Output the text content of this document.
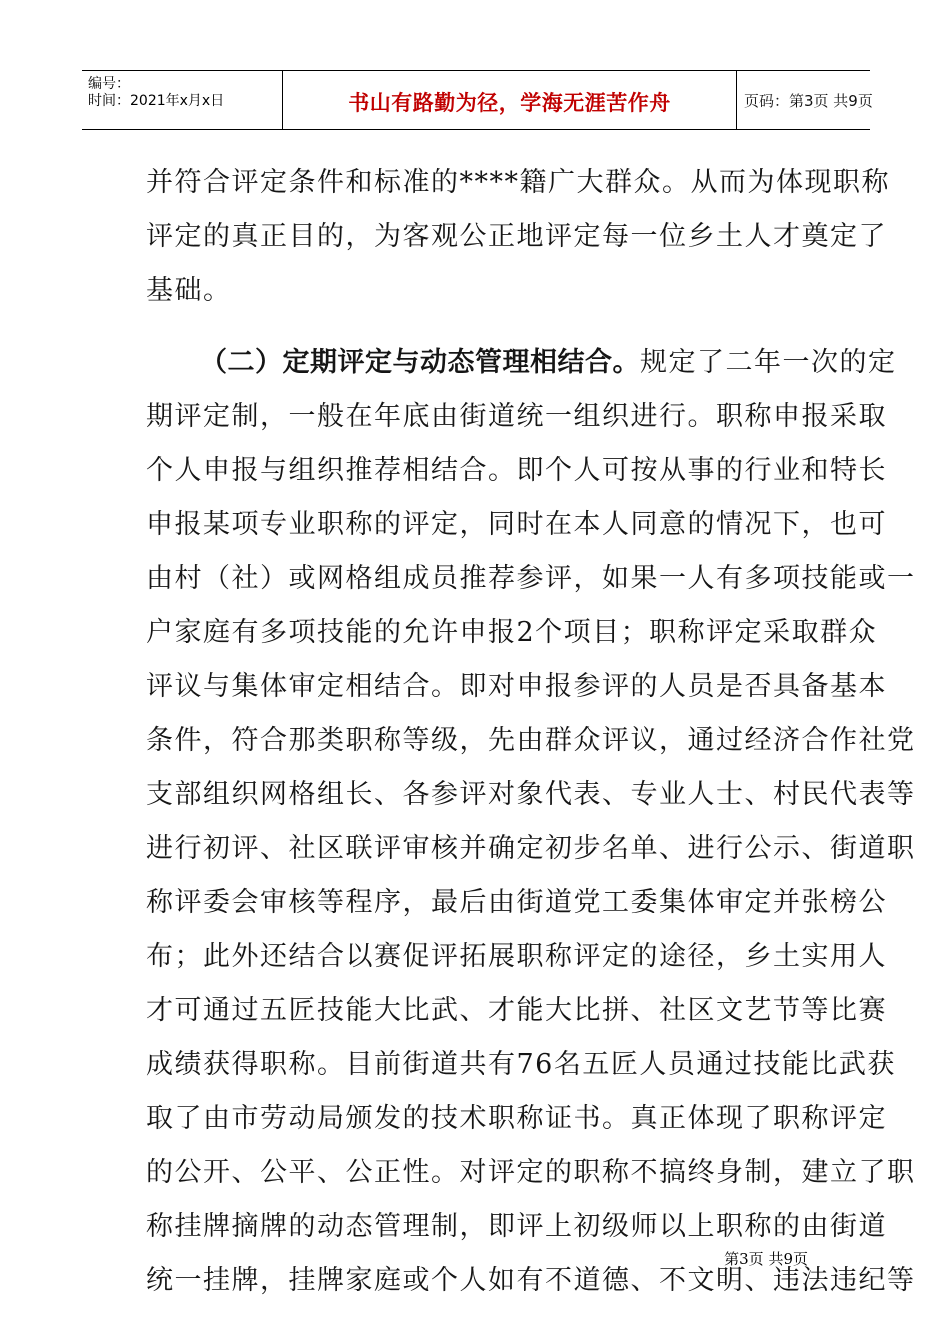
编号：
时间：2021年x月x日	书山有路勤为径，学海无涯苦作舟	页码：第3页 共9页
并符合评定条件和标准的****籍广大群众。从而为体现职称
评定的真正目的，为客观公正地评定每一位乡土人才奠定了
基础。
（二）定期评定与动态管理相结合。规定了二年一次的定
期评定制，一般在年底由街道统一组织进行。职称申报采取
个人申报与组织推荐相结合。即个人可按从事的行业和特长
申报某项专业职称的评定，同时在本人同意的情况下，也可
由村（社）或网格组成员推荐参评，如果一人有多项技能或一
户家庭有多项技能的允许申报2个项目；职称评定采取群众
评议与集体审定相结合。即对申报参评的人员是否具备基本
条件，符合那类职称等级，先由群众评议，通过经济合作社党
支部组织网格组长、各参评对象代表、专业人士、村民代表等
进行初评、社区联评审核并确定初步名单、进行公示、街道职
称评委会审核等程序，最后由街道党工委集体审定并张榜公
布；此外还结合以赛促评拓展职称评定的途径，乡土实用人
才可通过五匠技能大比武、才能大比拼、社区文艺节等比赛
成绩获得职称。目前街道共有76名五匠人员通过技能比武获
取了由市劳动局颁发的技术职称证书。真正体现了职称评定
的公开、公平、公正性。对评定的职称不搞终身制，建立了职
称挂牌摘牌的动态管理制，即评上初级师以上职称的由街道
统一挂牌，挂牌家庭或个人如有不道德、不文明、违法违纪等
第3页 共9页
